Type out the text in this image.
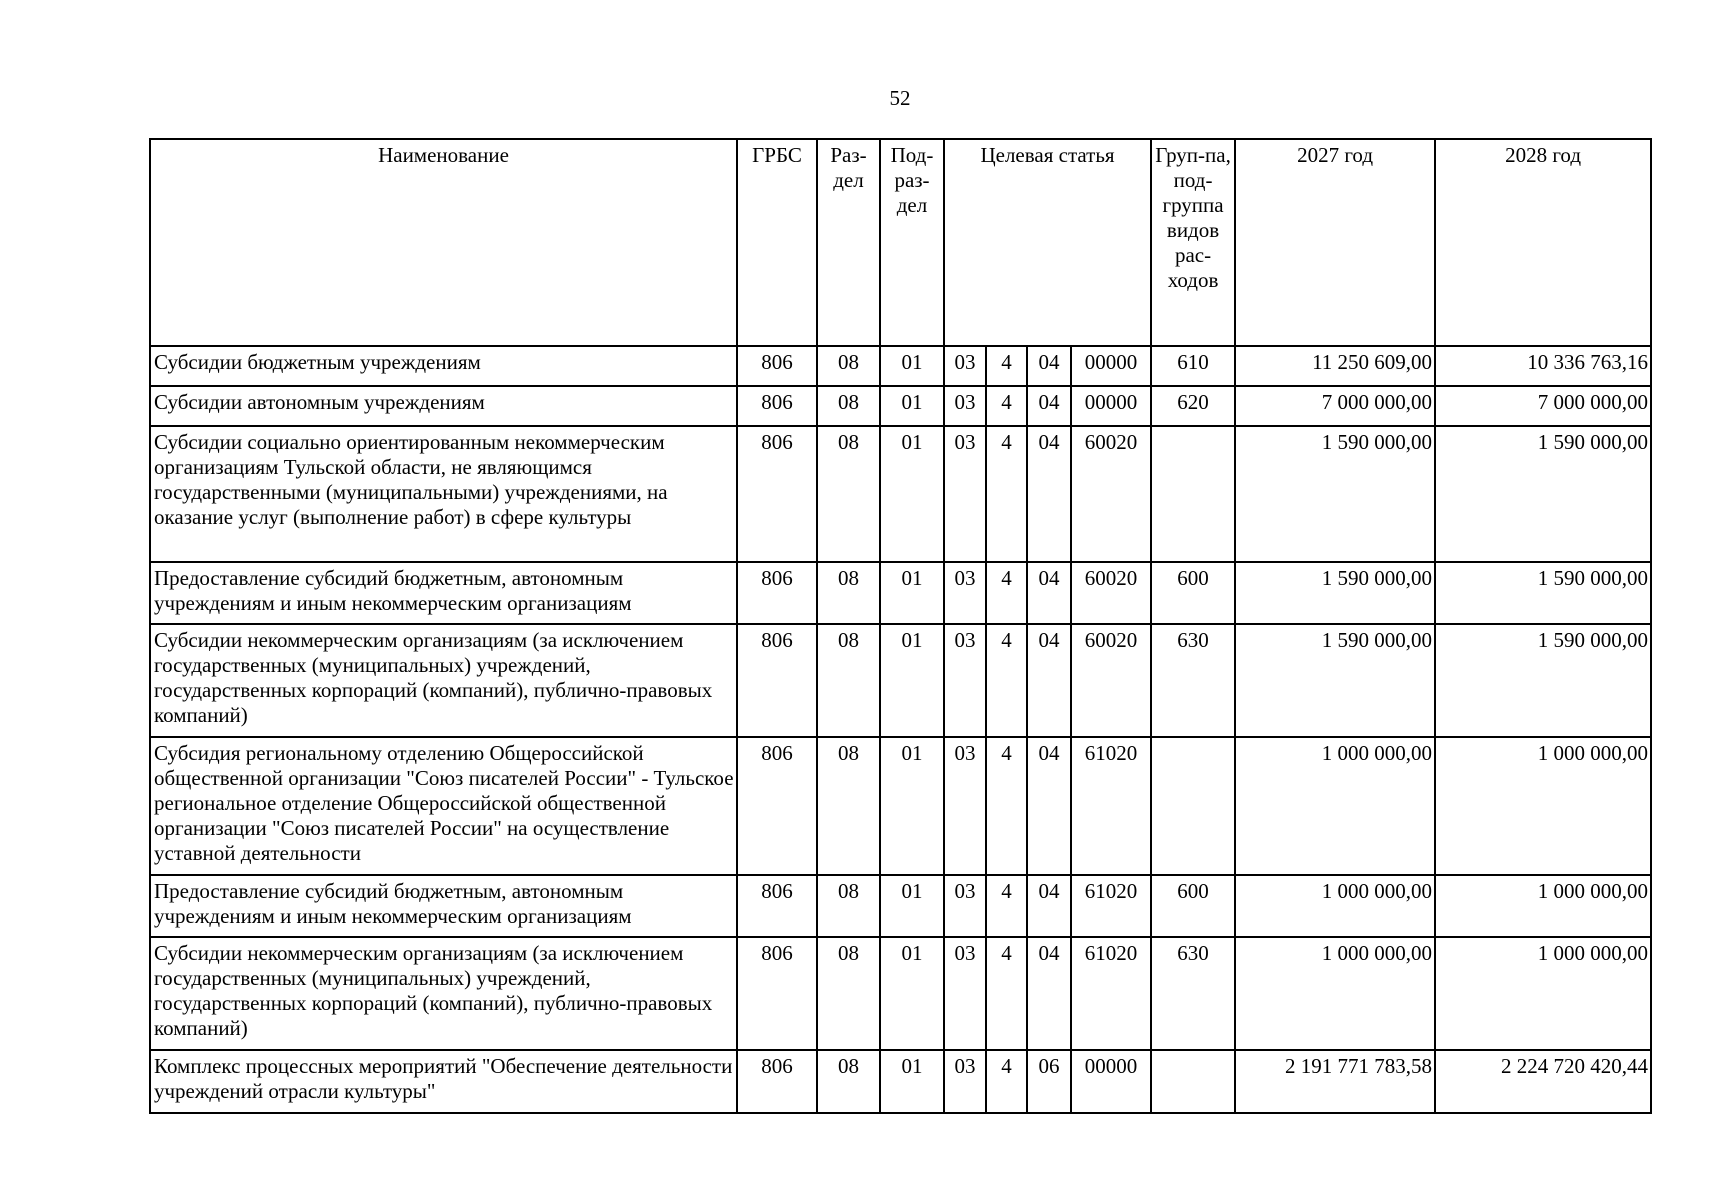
52
Наименование	ГРБС	Раз-дел	Под-раз-дел	Целевая статья				Груп-па, под-группа видов рас-ходов	2027 год	2028 год
Субсидии бюджетным учреждениям	806	08	01	03	4	04	00000	610	11 250 609,00	10 336 763,16
Субсидии автономным учреждениям	806	08	01	03	4	04	00000	620	7 000 000,00	7 000 000,00
Субсидии социально ориентированным некоммерческим организациям Тульской области, не являющимся государственными (муниципальными) учреждениями, на оказание услуг (выполнение работ) в сфере культуры	806	08	01	03	4	04	60020		1 590 000,00	1 590 000,00
Предоставление субсидий бюджетным, автономным учреждениям и иным некоммерческим организациям	806	08	01	03	4	04	60020	600	1 590 000,00	1 590 000,00
Субсидии некоммерческим организациям (за исключением государственных (муниципальных) учреждений, государственных корпораций (компаний), публично-правовых компаний)	806	08	01	03	4	04	60020	630	1 590 000,00	1 590 000,00
Субсидия региональному отделению Общероссийской общественной организации "Союз писателей России" - Тульское региональное отделение Общероссийской общественной организации "Союз писателей России" на осуществление уставной деятельности	806	08	01	03	4	04	61020		1 000 000,00	1 000 000,00
Предоставление субсидий бюджетным, автономным учреждениям и иным некоммерческим организациям	806	08	01	03	4	04	61020	600	1 000 000,00	1 000 000,00
Субсидии некоммерческим организациям (за исключением государственных (муниципальных) учреждений, государственных корпораций (компаний), публично-правовых компаний)	806	08	01	03	4	04	61020	630	1 000 000,00	1 000 000,00
Комплекс процессных мероприятий "Обеспечение деятельности учреждений отрасли культуры"	806	08	01	03	4	06	00000		2 191 771 783,58	2 224 720 420,44
